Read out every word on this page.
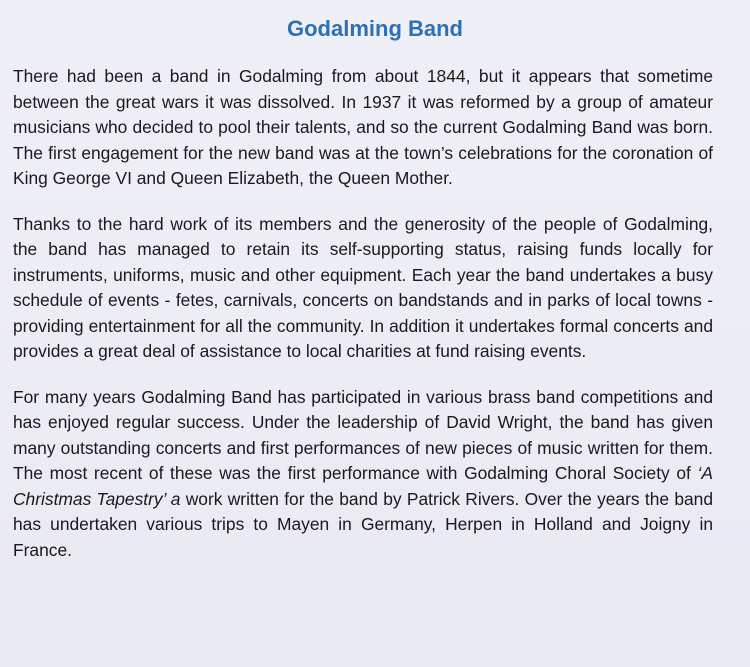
Godalming Band

There had been a band in Godalming from about 1844, but it appears that sometime between the great wars it was dissolved. In 1937 it was reformed by a group of amateur musicians who decided to pool their talents, and so the current Godalming Band was born. The first engagement for the new band was at the town’s celebrations for the coronation of King George VI and Queen Elizabeth, the Queen Mother.

Thanks to the hard work of its members and the generosity of the people of Godalming, the band has managed to retain its self-supporting status, raising funds locally for instruments, uniforms, music and other equipment. Each year the band undertakes a busy schedule of events - fetes, carnivals, concerts on bandstands and in parks of local towns - providing entertainment for all the community. In addition it undertakes formal concerts and provides a great deal of assistance to local charities at fund raising events.

For many years Godalming Band has participated in various brass band competitions and has enjoyed regular success. Under the leadership of David Wright, the band has given many outstanding concerts and first performances of new pieces of music written for them. The most recent of these was the first performance with Godalming Choral Society of ‘A Christmas Tapestry’ a work written for the band by Patrick Rivers. Over the years the band has undertaken various trips to Mayen in Germany, Herpen in Holland and Joigny in France.
